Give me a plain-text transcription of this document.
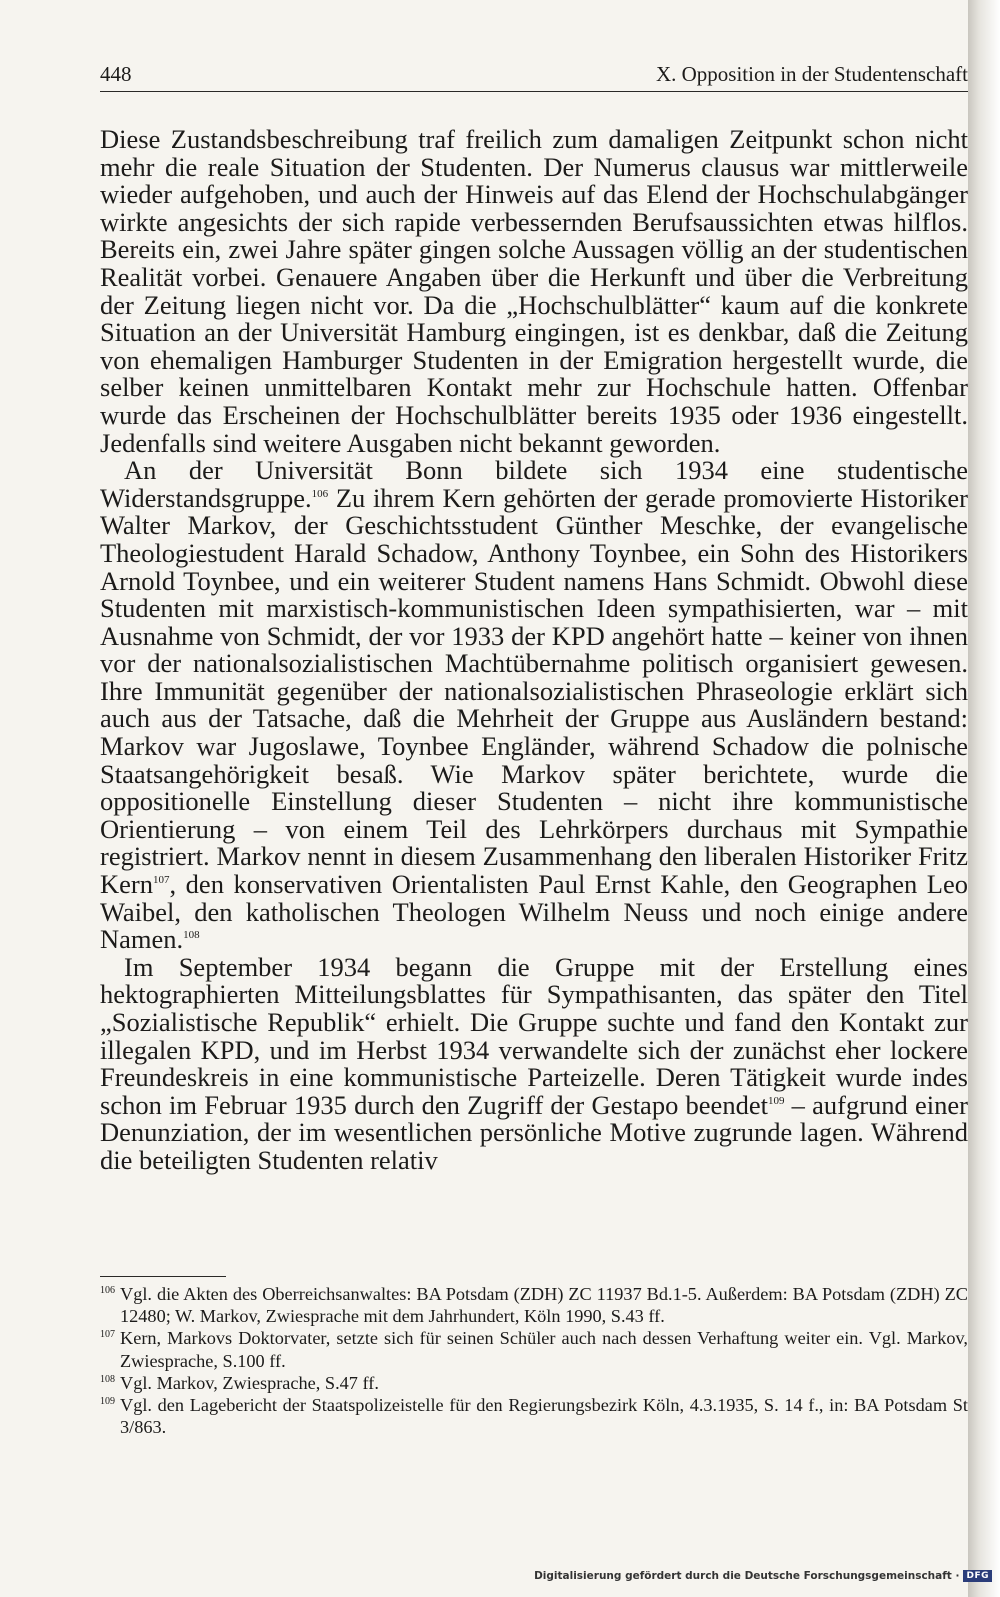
448	X. Opposition in der Studentenschaft

Diese Zustandsbeschreibung traf freilich zum damaligen Zeitpunkt schon nicht mehr die reale Situation der Studenten. Der Numerus clausus war mittlerweile wieder aufgehoben, und auch der Hinweis auf das Elend der Hochschulabgänger wirkte angesichts der sich rapide verbessernden Berufsaussichten etwas hilflos. Bereits ein, zwei Jahre später gingen solche Aussagen völlig an der studentischen Realität vorbei. Genauere Angaben über die Herkunft und über die Verbreitung der Zeitung liegen nicht vor. Da die „Hochschulblätter“ kaum auf die konkrete Situation an der Universität Hamburg eingingen, ist es denkbar, daß die Zeitung von ehemaligen Hamburger Studenten in der Emigration hergestellt wurde, die selber keinen unmittelbaren Kontakt mehr zur Hochschule hatten. Offenbar wurde das Erscheinen der Hochschulblätter bereits 1935 oder 1936 eingestellt. Jedenfalls sind weitere Ausgaben nicht bekannt geworden.

An der Universität Bonn bildete sich 1934 eine studentische Widerstandsgruppe.$^{106}$ Zu ihrem Kern gehörten der gerade promovierte Historiker Walter Markov, der Geschichtsstudent Günther Meschke, der evangelische Theologiestudent Harald Schadow, Anthony Toynbee, ein Sohn des Historikers Arnold Toynbee, und ein weiterer Student namens Hans Schmidt. Obwohl diese Studenten mit marxistisch-kommunistischen Ideen sympathisierten, war – mit Ausnahme von Schmidt, der vor 1933 der KPD angehört hatte – keiner von ihnen vor der nationalsozialistischen Machtübernahme politisch organisiert gewesen. Ihre Immunität gegenüber der nationalsozialistischen Phraseologie erklärt sich auch aus der Tatsache, daß die Mehrheit der Gruppe aus Ausländern bestand: Markov war Jugoslawe, Toynbee Engländer, während Schadow die polnische Staatsangehörigkeit besaß. Wie Markov später berichtete, wurde die oppositionelle Einstellung dieser Studenten – nicht ihre kommunistische Orientierung – von einem Teil des Lehrkörpers durchaus mit Sympathie registriert. Markov nennt in diesem Zusammenhang den liberalen Historiker Fritz Kern$^{107}$, den konservativen Orientalisten Paul Ernst Kahle, den Geographen Leo Waibel, den katholischen Theologen Wilhelm Neuss und noch einige andere Namen.$^{108}$

Im September 1934 begann die Gruppe mit der Erstellung eines hektographierten Mitteilungsblattes für Sympathisanten, das später den Titel „Sozialistische Republik“ erhielt. Die Gruppe suchte und fand den Kontakt zur illegalen KPD, und im Herbst 1934 verwandelte sich der zunächst eher lockere Freundeskreis in eine kommunistische Parteizelle. Deren Tätigkeit wurde indes schon im Februar 1935 durch den Zugriff der Gestapo beendet$^{109}$ – aufgrund einer Denunziation, der im wesentlichen persönliche Motive zugrunde lagen. Während die beteiligten Studenten relativ

106 Vgl. die Akten des Oberreichsanwaltes: BA Potsdam (ZDH) ZC 11937 Bd.1-5. Außerdem: BA Potsdam (ZDH) ZC 12480; W. Markov, Zwiesprache mit dem Jahrhundert, Köln 1990, S.43 ff.

107 Kern, Markovs Doktorvater, setzte sich für seinen Schüler auch nach dessen Verhaftung weiter ein. Vgl. Markov, Zwiesprache, S.100 ff.

108 Vgl. Markov, Zwiesprache, S.47 ff.

109 Vgl. den Lagebericht der Staatspolizeistelle für den Regierungsbezirk Köln, 4.3.1935, S. 14 f., in: BA Potsdam St 3/863.

Digitalisierung gefördert durch die Deutsche Forschungsgemeinschaft · DFG
